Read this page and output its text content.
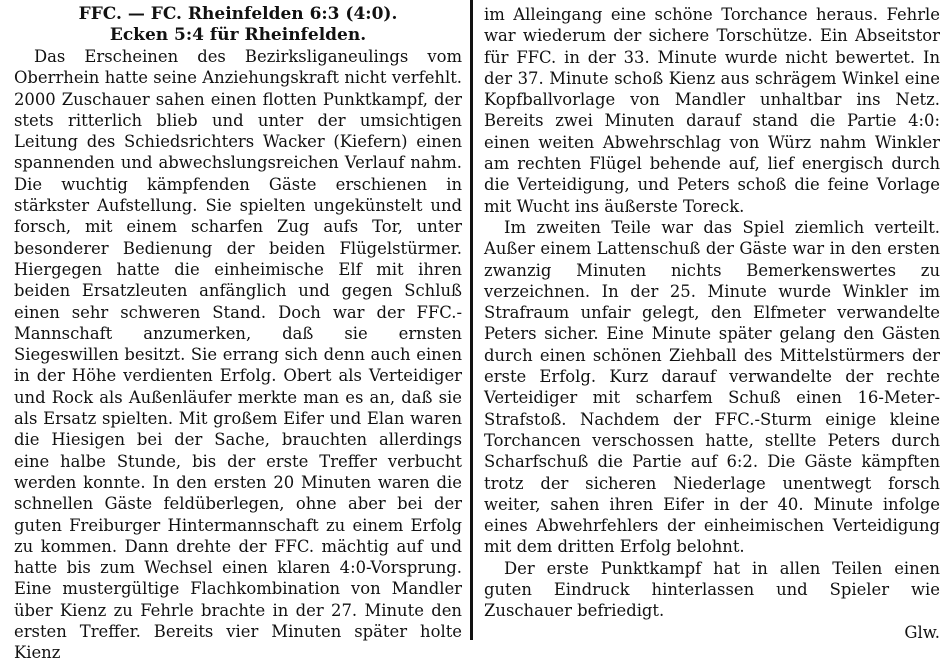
FFC. — FC. Rheinfelden 6:3 (4:0).
Ecken 5:4 für Rheinfelden.

Das Erscheinen des Bezirksliganeulings vom Oberrhein hatte seine Anziehungskraft nicht verfehlt. 2000 Zuschauer sahen einen flotten Punktkampf, der stets ritterlich blieb und unter der umsichtigen Leitung des Schiedsrichters Wacker (Kiefern) einen spannenden und abwechslungsreichen Verlauf nahm. Die wuchtig kämpfenden Gäste erschienen in stärkster Aufstellung. Sie spielten ungekünstelt und forsch, mit einem scharfen Zug aufs Tor, unter besonderer Bedienung der beiden Flügelstürmer. Hiergegen hatte die einheimische Elf mit ihren beiden Ersatzleuten anfänglich und gegen Schluß einen sehr schweren Stand. Doch war der FFC.-Mannschaft anzumerken, daß sie ernsten Siegeswillen besitzt. Sie errang sich denn auch einen in der Höhe verdienten Erfolg. Obert als Verteidiger und Rock als Außenläufer merkte man es an, daß sie als Ersatz spielten. Mit großem Eifer und Elan waren die Hiesigen bei der Sache, brauchten allerdings eine halbe Stunde, bis der erste Treffer verbucht werden konnte. In den ersten 20 Minuten waren die schnellen Gäste feldüberlegen, ohne aber bei der guten Freiburger Hintermannschaft zu einem Erfolg zu kommen. Dann drehte der FFC. mächtig auf und hatte bis zum Wechsel einen klaren 4:0-Vorsprung. Eine mustergültige Flachkombination von Mandler über Kienz zu Fehrle brachte in der 27. Minute den ersten Treffer. Bereits vier Minuten später holte Kienz

im Alleingang eine schöne Torchance heraus. Fehrle war wiederum der sichere Torschütze. Ein Abseitstor für FFC. in der 33. Minute wurde nicht bewertet. In der 37. Minute schoß Kienz aus schrägem Winkel eine Kopfballvorlage von Mandler unhaltbar ins Netz. Bereits zwei Minuten darauf stand die Partie 4:0: einen weiten Abwehrschlag von Würz nahm Winkler am rechten Flügel behende auf, lief energisch durch die Verteidigung, und Peters schoß die feine Vorlage mit Wucht ins äußerste Toreck.

Im zweiten Teile war das Spiel ziemlich verteilt. Außer einem Lattenschuß der Gäste war in den ersten zwanzig Minuten nichts Bemerkenswertes zu verzeichnen. In der 25. Minute wurde Winkler im Strafraum unfair gelegt, den Elfmeter verwandelte Peters sicher. Eine Minute später gelang den Gästen durch einen schönen Ziehball des Mittelstürmers der erste Erfolg. Kurz darauf verwandelte der rechte Verteidiger mit scharfem Schuß einen 16-Meter-Strafstoß. Nachdem der FFC.-Sturm einige kleine Torchancen verschossen hatte, stellte Peters durch Scharfschuß die Partie auf 6:2. Die Gäste kämpften trotz der sicheren Niederlage unentwegt forsch weiter, sahen ihren Eifer in der 40. Minute infolge eines Abwehrfehlers der einheimischen Verteidigung mit dem dritten Erfolg belohnt.

Der erste Punktkampf hat in allen Teilen einen guten Eindruck hinterlassen und Spieler wie Zuschauer befriedigt.

Glw.
